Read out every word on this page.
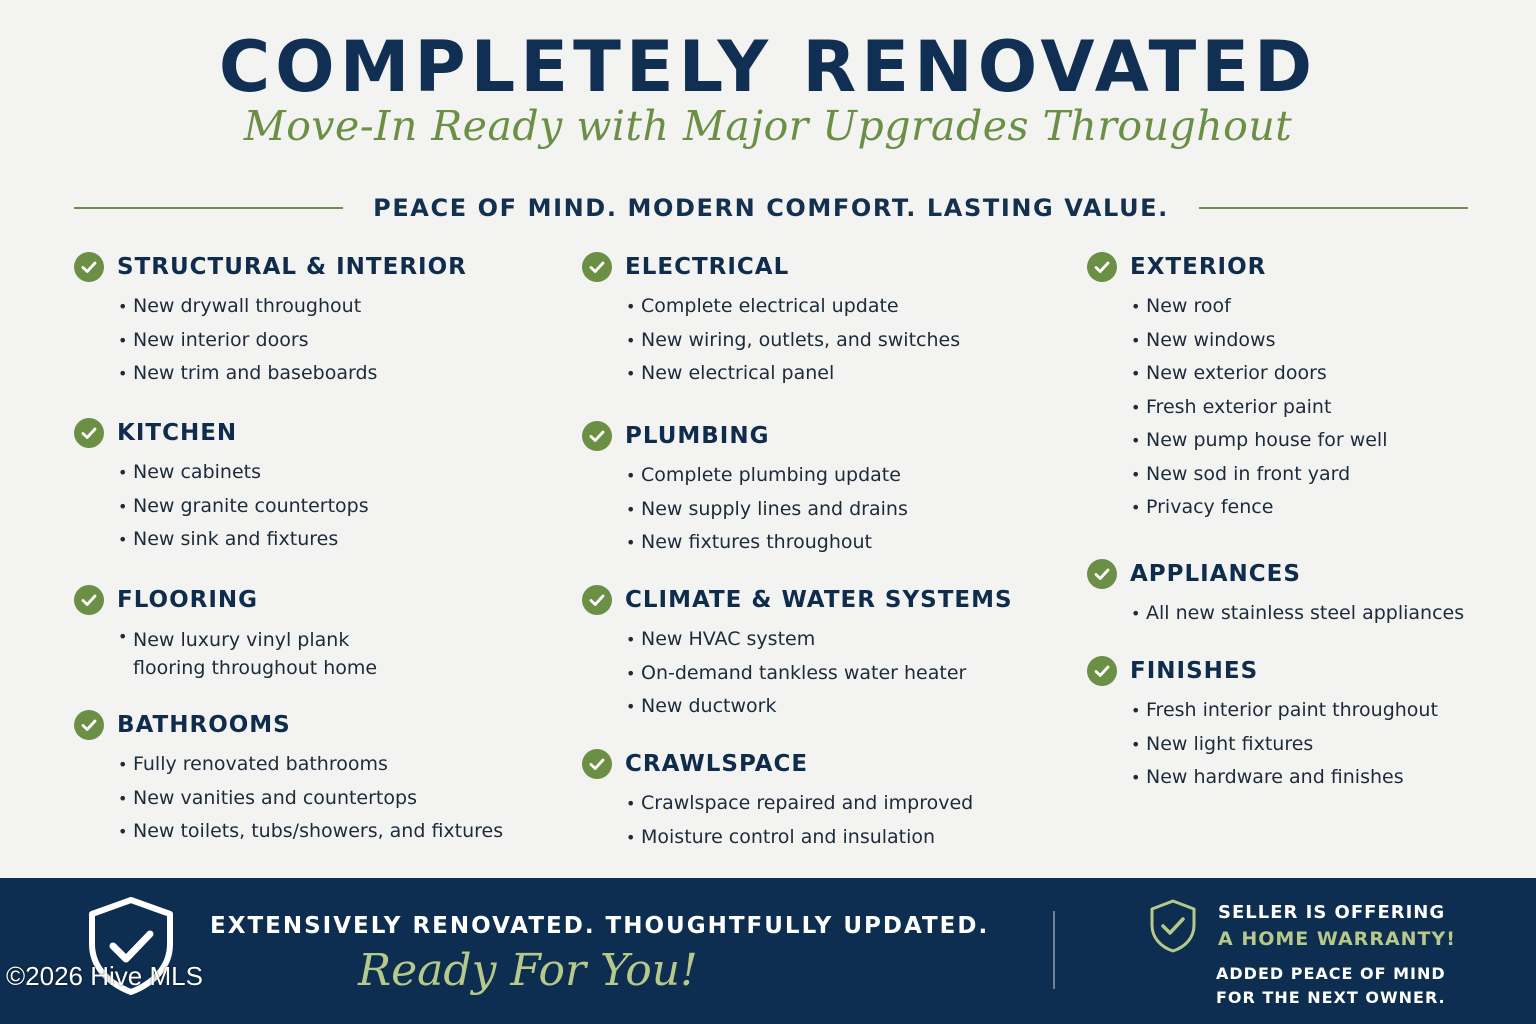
COMPLETELY RENOVATED
Move-In Ready with Major Upgrades Throughout
PEACE OF MIND. MODERN COMFORT. LASTING VALUE.
STRUCTURAL & INTERIOR
• New drywall throughout
• New interior doors
• New trim and baseboards
KITCHEN
• New cabinets
• New granite countertops
• New sink and fixtures
FLOORING
• New luxury vinyl plank flooring throughout home
BATHROOMS
• Fully renovated bathrooms
• New vanities and countertops
• New toilets, tubs/showers, and fixtures
ELECTRICAL
• Complete electrical update
• New wiring, outlets, and switches
• New electrical panel
PLUMBING
• Complete plumbing update
• New supply lines and drains
• New fixtures throughout
CLIMATE & WATER SYSTEMS
• New HVAC system
• On-demand tankless water heater
• New ductwork
CRAWLSPACE
• Crawlspace repaired and improved
• Moisture control and insulation
EXTERIOR
• New roof
• New windows
• New exterior doors
• Fresh exterior paint
• New pump house for well
• New sod in front yard
• Privacy fence
APPLIANCES
• All new stainless steel appliances
FINISHES
• Fresh interior paint throughout
• New light fixtures
• New hardware and finishes
EXTENSIVELY RENOVATED. THOUGHTFULLY UPDATED.
Ready For You!
SELLER IS OFFERING
A HOME WARRANTY!
ADDED PEACE OF MIND
FOR THE NEXT OWNER.
©2026 Hive MLS
